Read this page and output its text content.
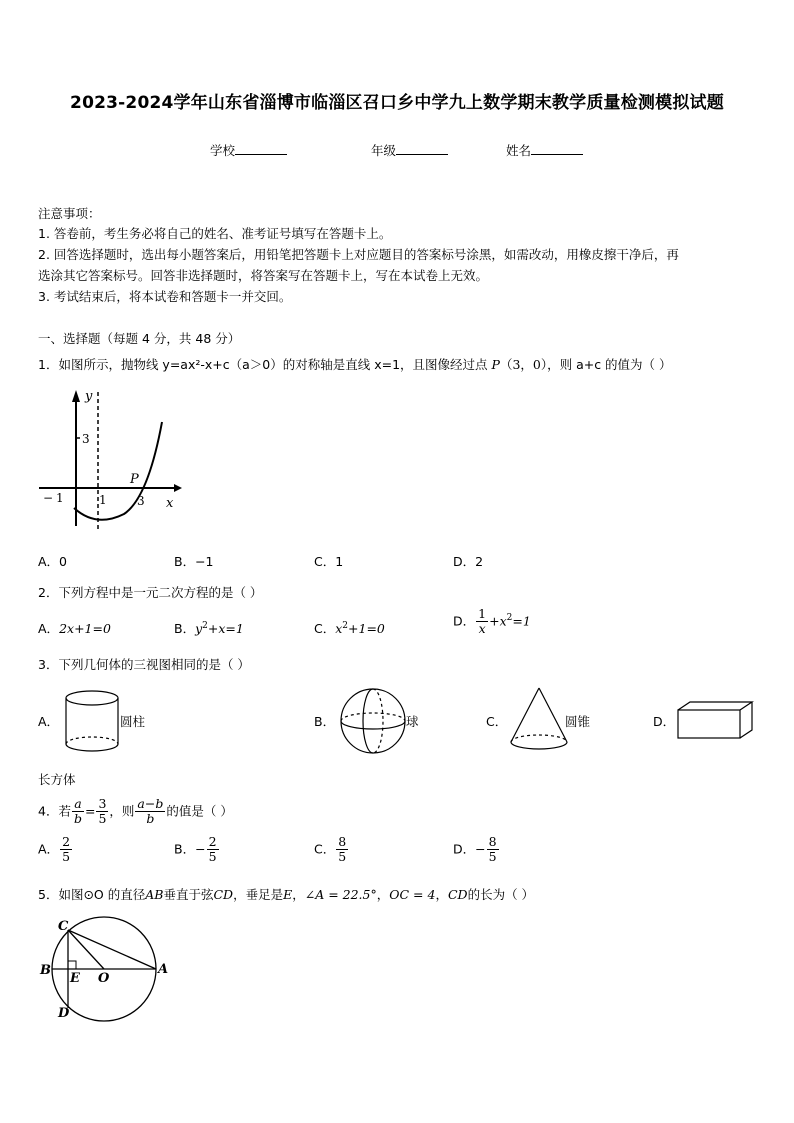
2023-2024学年山东省淄博市临淄区召口乡中学九上数学期末教学质量检测模拟试题
学校	年级	姓名
注意事项：
1. 答卷前，考生务必将自己的姓名、准考证号填写在答题卡上。
2. 回答选择题时，选出每小题答案后，用铅笔把答题卡上对应题目的答案标号涂黑，如需改动，用橡皮擦干净后，再
选涂其它答案标号。回答非选择题时，将答案写在答题卡上，写在本试卷上无效。
3. 考试结束后，将本试卷和答题卡一并交回。
一、选择题（每题 4 分，共 48 分）
1．如图所示，抛物线 y=ax²-x+c（a＞0）的对称轴是直线 x=1，且图像经过点 P（3，0），则 a+c 的值为（ ）
y
3
− 1	1	3
P
x
A．0	B．−1	C．1	D．2
2．下列方程中是一元二次方程的是（ ）
A．2x+1=0	B．$y^2+x=1$	C．$x^2+1=0$
D． $\frac{1}{x} +x^2=1$
3．下列几何体的三视图相同的是（ ）
A．	圆柱	B．	球	C．	圆锥	D．
长方体
4．若 $\frac{a}{b} = \frac{3}{5}$ ，则 $\frac{a-b}{b}$ 的值是（ ）
A． $\frac{2}{5}$	B．− $\frac{2}{5}$	C． $\frac{8}{5}$	D．− $\frac{8}{5}$
5．如图⊙O 的直径AB垂直于弦CD，垂足是E，∠A = 22.5°，OC = 4，CD的长为（ ）
C
B
E O
A
D
